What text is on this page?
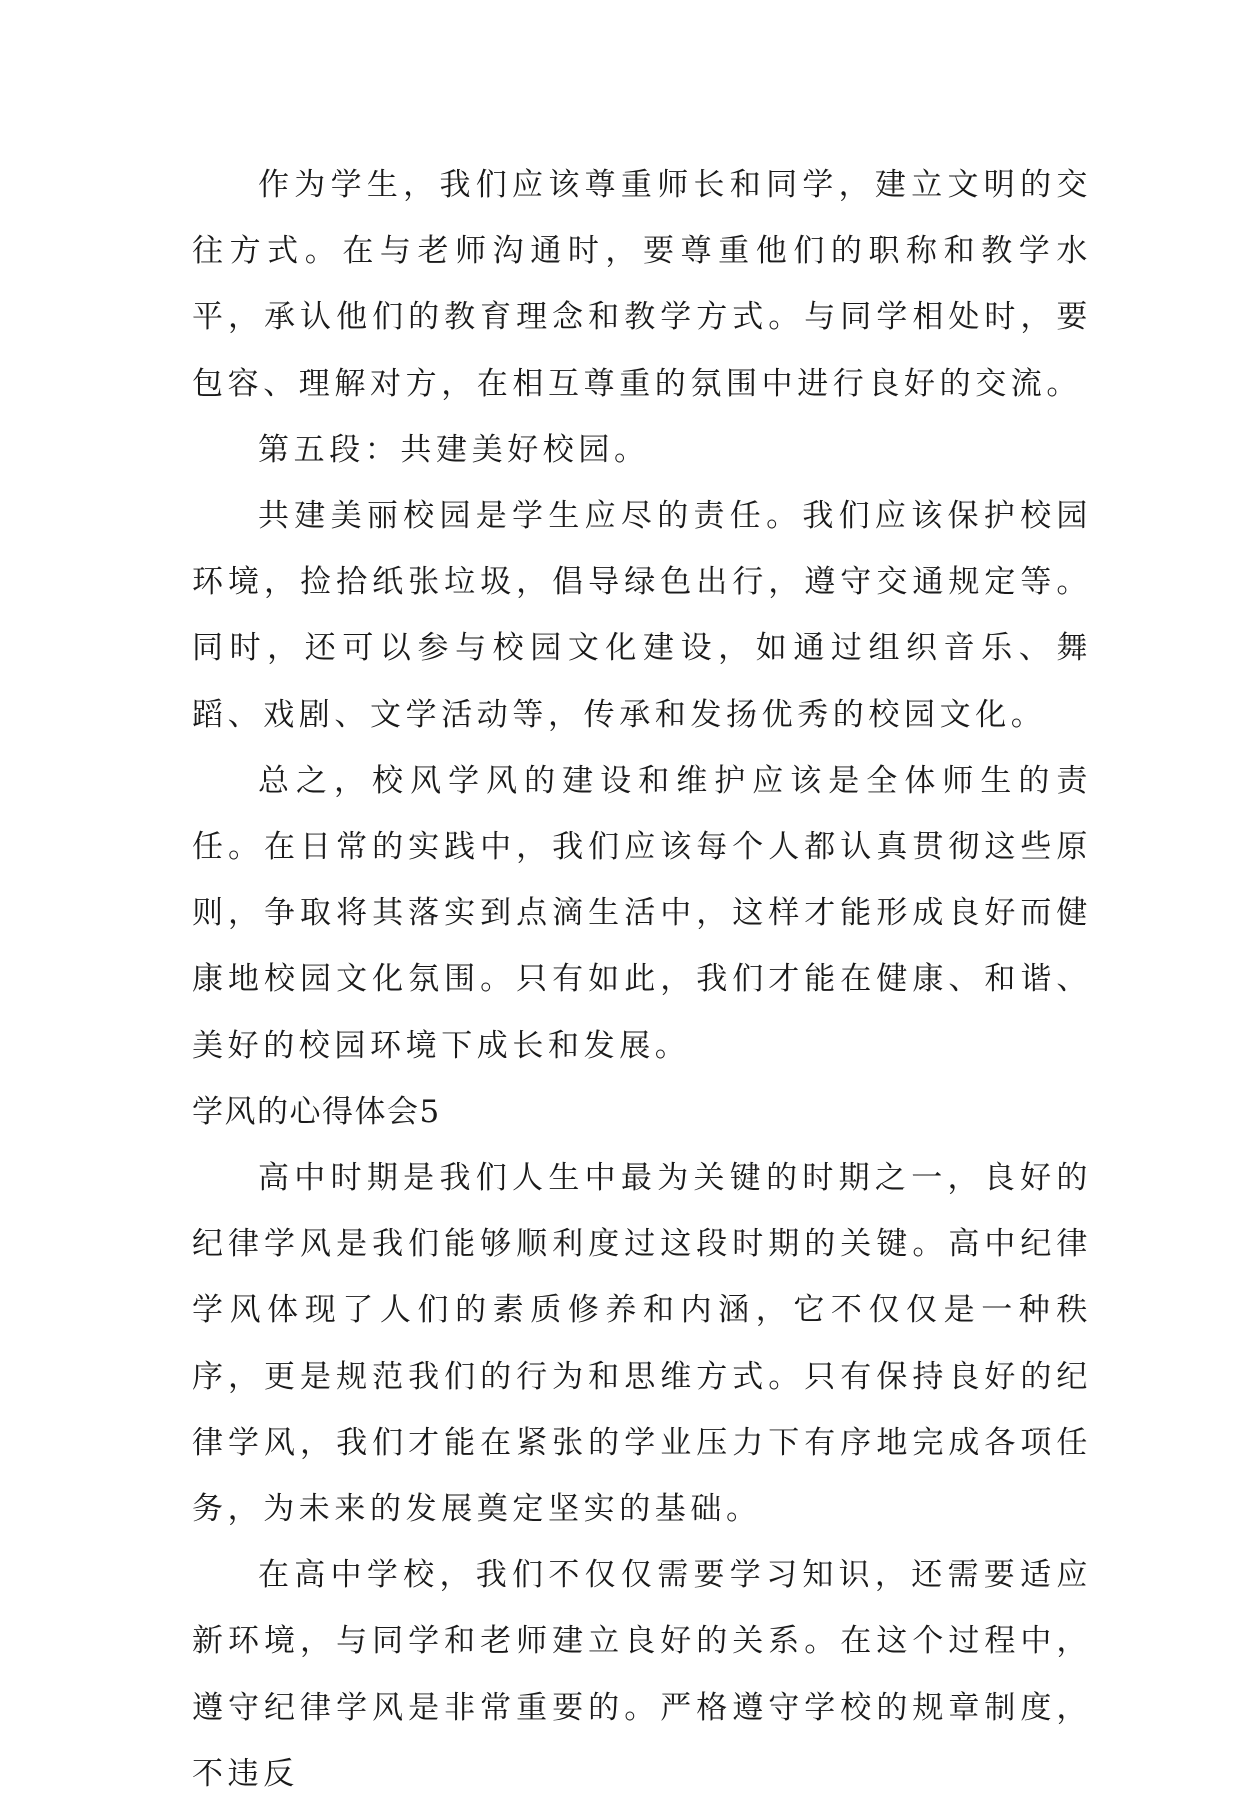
作为学生，我们应该尊重师长和同学，建立文明的交往方式。在与老师沟通时，要尊重他们的职称和教学水平，承认他们的教育理念和教学方式。与同学相处时，要包容、理解对方，在相互尊重的氛围中进行良好的交流。

第五段：共建美好校园。

共建美丽校园是学生应尽的责任。我们应该保护校园环境，捡拾纸张垃圾，倡导绿色出行，遵守交通规定等。同时，还可以参与校园文化建设，如通过组织音乐、舞蹈、戏剧、文学活动等，传承和发扬优秀的校园文化。

总之，校风学风的建设和维护应该是全体师生的责任。在日常的实践中，我们应该每个人都认真贯彻这些原则，争取将其落实到点滴生活中，这样才能形成良好而健康地校园文化氛围。只有如此，我们才能在健康、和谐、美好的校园环境下成长和发展。

学风的心得体会5

高中时期是我们人生中最为关键的时期之一，良好的纪律学风是我们能够顺利度过这段时期的关键。高中纪律学风体现了人们的素质修养和内涵，它不仅仅是一种秩序，更是规范我们的行为和思维方式。只有保持良好的纪律学风，我们才能在紧张的学业压力下有序地完成各项任务，为未来的发展奠定坚实的基础。

在高中学校，我们不仅仅需要学习知识，还需要适应新环境，与同学和老师建立良好的关系。在这个过程中，遵守纪律学风是非常重要的。严格遵守学校的规章制度，不违反
